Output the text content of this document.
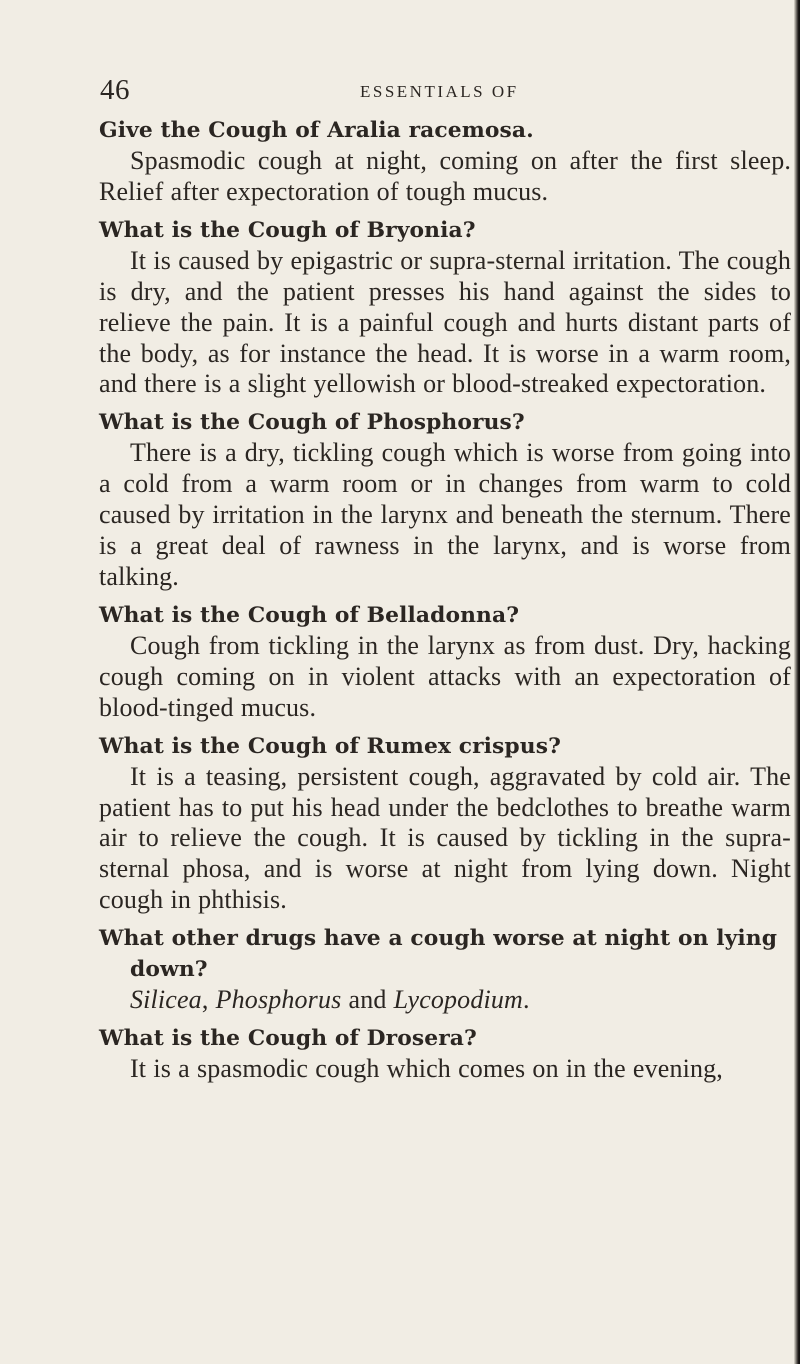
46	ESSENTIALS OF

Give the Cough of Aralia racemosa.

Spasmodic cough at night, coming on after the first sleep. Relief after expectoration of tough mucus.

What is the Cough of Bryonia?

It is caused by epigastric or supra-sternal irritation. The cough is dry, and the patient presses his hand against the sides to relieve the pain. It is a painful cough and hurts distant parts of the body, as for instance the head. It is worse in a warm room, and there is a slight yellowish or blood-streaked expectoration.

What is the Cough of Phosphorus?

There is a dry, tickling cough which is worse from going into a cold from a warm room or in changes from warm to cold caused by irritation in the larynx and beneath the sternum. There is a great deal of rawness in the larynx, and is worse from talking.

What is the Cough of Belladonna?

Cough from tickling in the larynx as from dust. Dry, hacking cough coming on in violent attacks with an expectoration of blood-tinged mucus.

What is the Cough of Rumex crispus?

It is a teasing, persistent cough, aggravated by cold air. The patient has to put his head under the bedclothes to breathe warm air to relieve the cough. It is caused by tickling in the supra-sternal phosa, and is worse at night from lying down. Night cough in phthisis.

What other drugs have a cough worse at night on lying down?

Silicea, Phosphorus and Lycopodium.

What is the Cough of Drosera?

It is a spasmodic cough which comes on in the evening,
